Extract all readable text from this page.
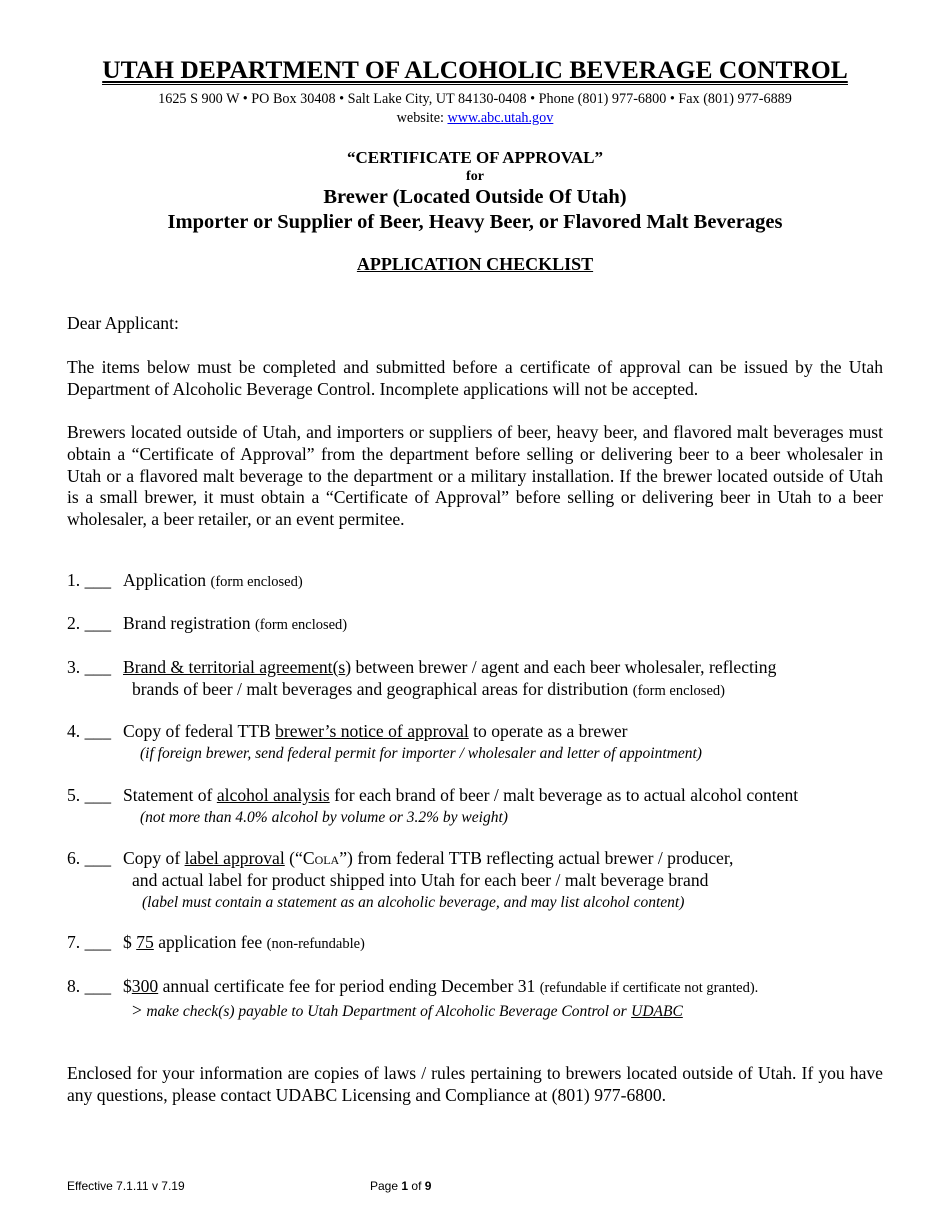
UTAH DEPARTMENT OF ALCOHOLIC BEVERAGE CONTROL
1625 S 900 W • PO Box 30408 • Salt Lake City, UT 84130-0408 • Phone (801) 977-6800 • Fax (801) 977-6889
website: www.abc.utah.gov
“CERTIFICATE OF APPROVAL”
for
Brewer (Located Outside Of Utah)
Importer or Supplier of Beer, Heavy Beer, or Flavored Malt Beverages
APPLICATION CHECKLIST

Dear Applicant:

The items below must be completed and submitted before a certificate of approval can be issued by the Utah Department of Alcoholic Beverage Control. Incomplete applications will not be accepted.

Brewers located outside of Utah, and importers or suppliers of beer, heavy beer, and flavored malt beverages must obtain a “Certificate of Approval” from the department before selling or delivering beer to a beer wholesaler in Utah or a flavored malt beverage to the department or a military installation. If the brewer located outside of Utah is a small brewer, it must obtain a “Certificate of Approval” before selling or delivering beer in Utah to a beer wholesaler, a beer retailer, or an event permitee.

1. ___ Application (form enclosed)
2. ___ Brand registration (form enclosed)
3. ___ Brand & territorial agreement(s) between brewer / agent and each beer wholesaler, reflecting
brands of beer / malt beverages and geographical areas for distribution (form enclosed)
4. ___ Copy of federal TTB brewer’s notice of approval to operate as a brewer
(if foreign brewer, send federal permit for importer / wholesaler and letter of appointment)
5. ___ Statement of alcohol analysis for each brand of beer / malt beverage as to actual alcohol content
(not more than 4.0% alcohol by volume or 3.2% by weight)
6. ___ Copy of label approval (“Cola”) from federal TTB reflecting actual brewer / producer,
and actual label for product shipped into Utah for each beer / malt beverage brand
(label must contain a statement as an alcoholic beverage, and may list alcohol content)
7. ___ $ 75 application fee (non-refundable)
8. ___ $300 annual certificate fee for period ending December 31 (refundable if certificate not granted).
> make check(s) payable to Utah Department of Alcoholic Beverage Control or UDABC

Enclosed for your information are copies of laws / rules pertaining to brewers located outside of Utah. If you have any questions, please contact UDABC Licensing and Compliance at (801) 977-6800.

Effective 7.1.11 v 7.19	Page 1 of 9
